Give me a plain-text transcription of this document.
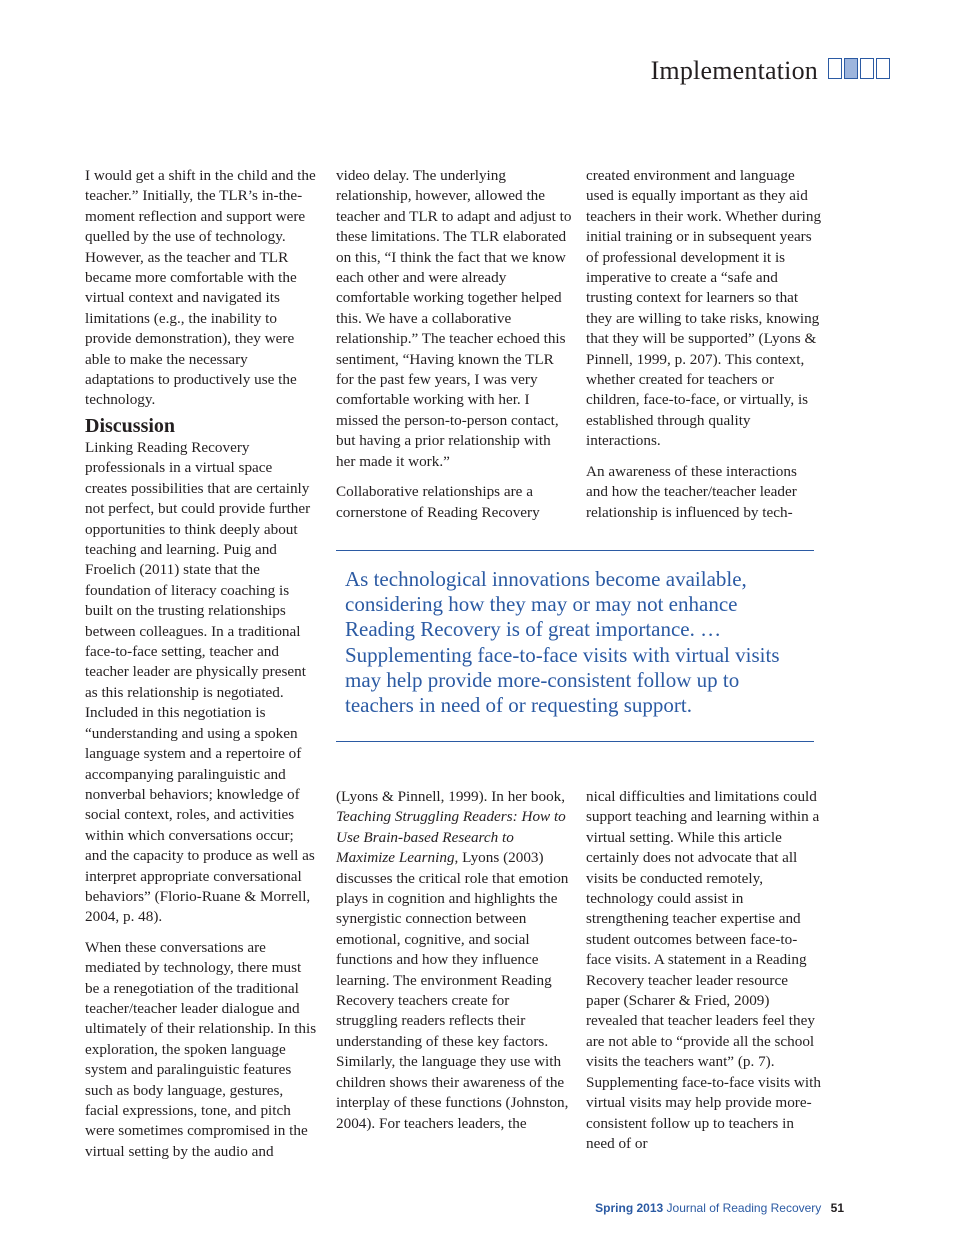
Implementation

I would get a shift in the child and the teacher.” Initially, the TLR’s in-the-moment reflection and support were quelled by the use of technology. However, as the teacher and TLR became more comfortable with the virtual context and navigated its limitations (e.g., the inability to provide demonstration), they were able to make the necessary adaptations to productively use the technology.

Discussion

Linking Reading Recovery professionals in a virtual space creates possibilities that are certainly not perfect, but could provide further opportunities to think deeply about teaching and learning. Puig and Froelich (2011) state that the foundation of literacy coaching is built on the trusting relationships between colleagues. In a traditional face-to-face setting, teacher and teacher leader are physically present as this relationship is negotiated. Included in this negotiation is “understanding and using a spoken language system and a repertoire of accompanying paralinguistic and nonverbal behaviors; knowledge of social context, roles, and activities within which conversations occur; and the capacity to produce as well as interpret appropriate conversational behaviors” (Florio-Ruane & Morrell, 2004, p. 48).

When these conversations are mediated by technology, there must be a renegotiation of the traditional teacher/teacher leader dialogue and ultimately of their relationship. In this exploration, the spoken language system and paralinguistic features such as body language, gestures, facial expressions, tone, and pitch were sometimes compromised in the virtual setting by the audio and

video delay. The underlying relationship, however, allowed the teacher and TLR to adapt and adjust to these limitations. The TLR elaborated on this, “I think the fact that we know each other and were already comfortable working together helped this. We have a collaborative relationship.” The teacher echoed this sentiment, “Having known the TLR for the past few years, I was very comfortable working with her. I missed the person-to-person contact, but having a prior relationship with her made it work.”

Collaborative relationships are a cornerstone of Reading Recovery

created environment and language used is equally important as they aid teachers in their work. Whether during initial training or in subsequent years of professional development it is imperative to create a “safe and trusting context for learners so that they are willing to take risks, knowing that they will be supported” (Lyons & Pinnell, 1999, p. 207). This context, whether created for teachers or children, face-to-face, or virtually, is established through quality interactions.

An awareness of these interactions and how the teacher/teacher leader relationship is influenced by tech-

As technological innovations become available, considering how they may or may not enhance Reading Recovery is of great importance. … Supplementing face-to-face visits with virtual visits may help provide more-consistent follow up to teachers in need of or requesting support.

(Lyons & Pinnell, 1999). In her book, Teaching Struggling Readers: How to Use Brain-based Research to Maximize Learning, Lyons (2003) discusses the critical role that emotion plays in cognition and highlights the synergistic connection between emotional, cognitive, and social functions and how they influence learning. The environment Reading Recovery teachers create for struggling readers reflects their understanding of these key factors. Similarly, the language they use with children shows their awareness of the interplay of these functions (Johnston, 2004). For teachers leaders, the

nical difficulties and limitations could support teaching and learning within a virtual setting. While this article certainly does not advocate that all visits be conducted remotely, technology could assist in strengthening teacher expertise and student outcomes between face-to-face visits. A statement in a Reading Recovery teacher leader resource paper (Scharer & Fried, 2009) revealed that teacher leaders feel they are not able to “provide all the school visits the teachers want” (p. 7). Supplementing face-to-face visits with virtual visits may help provide more-consistent follow up to teachers in need of or

Spring 2013 Journal of Reading Recovery 51
